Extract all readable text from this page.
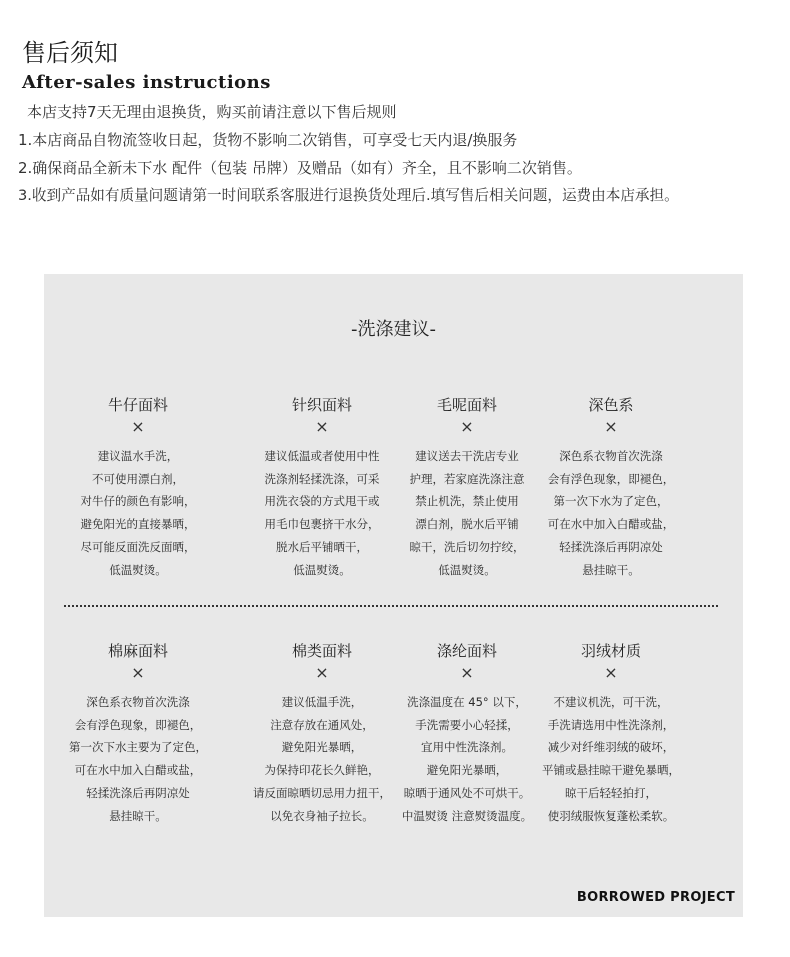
售后须知
After-sales instructions
本店支持7天无理由退换货，购买前请注意以下售后规则
1.本店商品自物流签收日起，货物不影响二次销售，可享受七天内退/换服务
2.确保商品全新未下水 配件（包装 吊牌）及赠品（如有）齐全，且不影响二次销售。
3.收到产品如有质量问题请第一时间联系客服进行退换货处理后.填写售后相关问题，运费由本店承担。
-洗涤建议-
牛仔面料
×
建议温水手洗，
不可使用漂白剂，
对牛仔的颜色有影响，
避免阳光的直接暴晒，
尽可能反面洗反面晒，
低温熨烫。
针织面料
×
建议低温或者使用中性
洗涤剂轻揉洗涤，可采
用洗衣袋的方式甩干或
用毛巾包裹挤干水分，
脱水后平铺晒干，
低温熨烫。
毛呢面料
×
建议送去干洗店专业
护理，若家庭洗涤注意
禁止机洗，禁止使用
漂白剂，脱水后平铺
晾干，洗后切勿拧绞，
低温熨烫。
深色系
×
深色系衣物首次洗涤
会有浮色现象，即褪色，
第一次下水为了定色，
可在水中加入白醋或盐，
轻揉洗涤后再阴凉处
悬挂晾干。
棉麻面料
×
深色系衣物首次洗涤
会有浮色现象，即褪色，
第一次下水主要为了定色，
可在水中加入白醋或盐，
轻揉洗涤后再阴凉处
悬挂晾干。
棉类面料
×
建议低温手洗，
注意存放在通风处，
避免阳光暴晒，
为保持印花长久鲜艳，
请反面晾晒切忌用力扭干，
以免衣身袖子拉长。
涤纶面料
×
洗涤温度在 45° 以下，
手洗需要小心轻揉，
宜用中性洗涤剂。
避免阳光暴晒，
晾晒于通风处不可烘干。
中温熨烫 注意熨烫温度。
羽绒材质
×
不建议机洗，可干洗，
手洗请选用中性洗涤剂，
减少对纤维羽绒的破坏，
平铺或悬挂晾干避免暴晒，
晾干后轻轻拍打，
使羽绒服恢复蓬松柔软。
BORROWED PROJECT
